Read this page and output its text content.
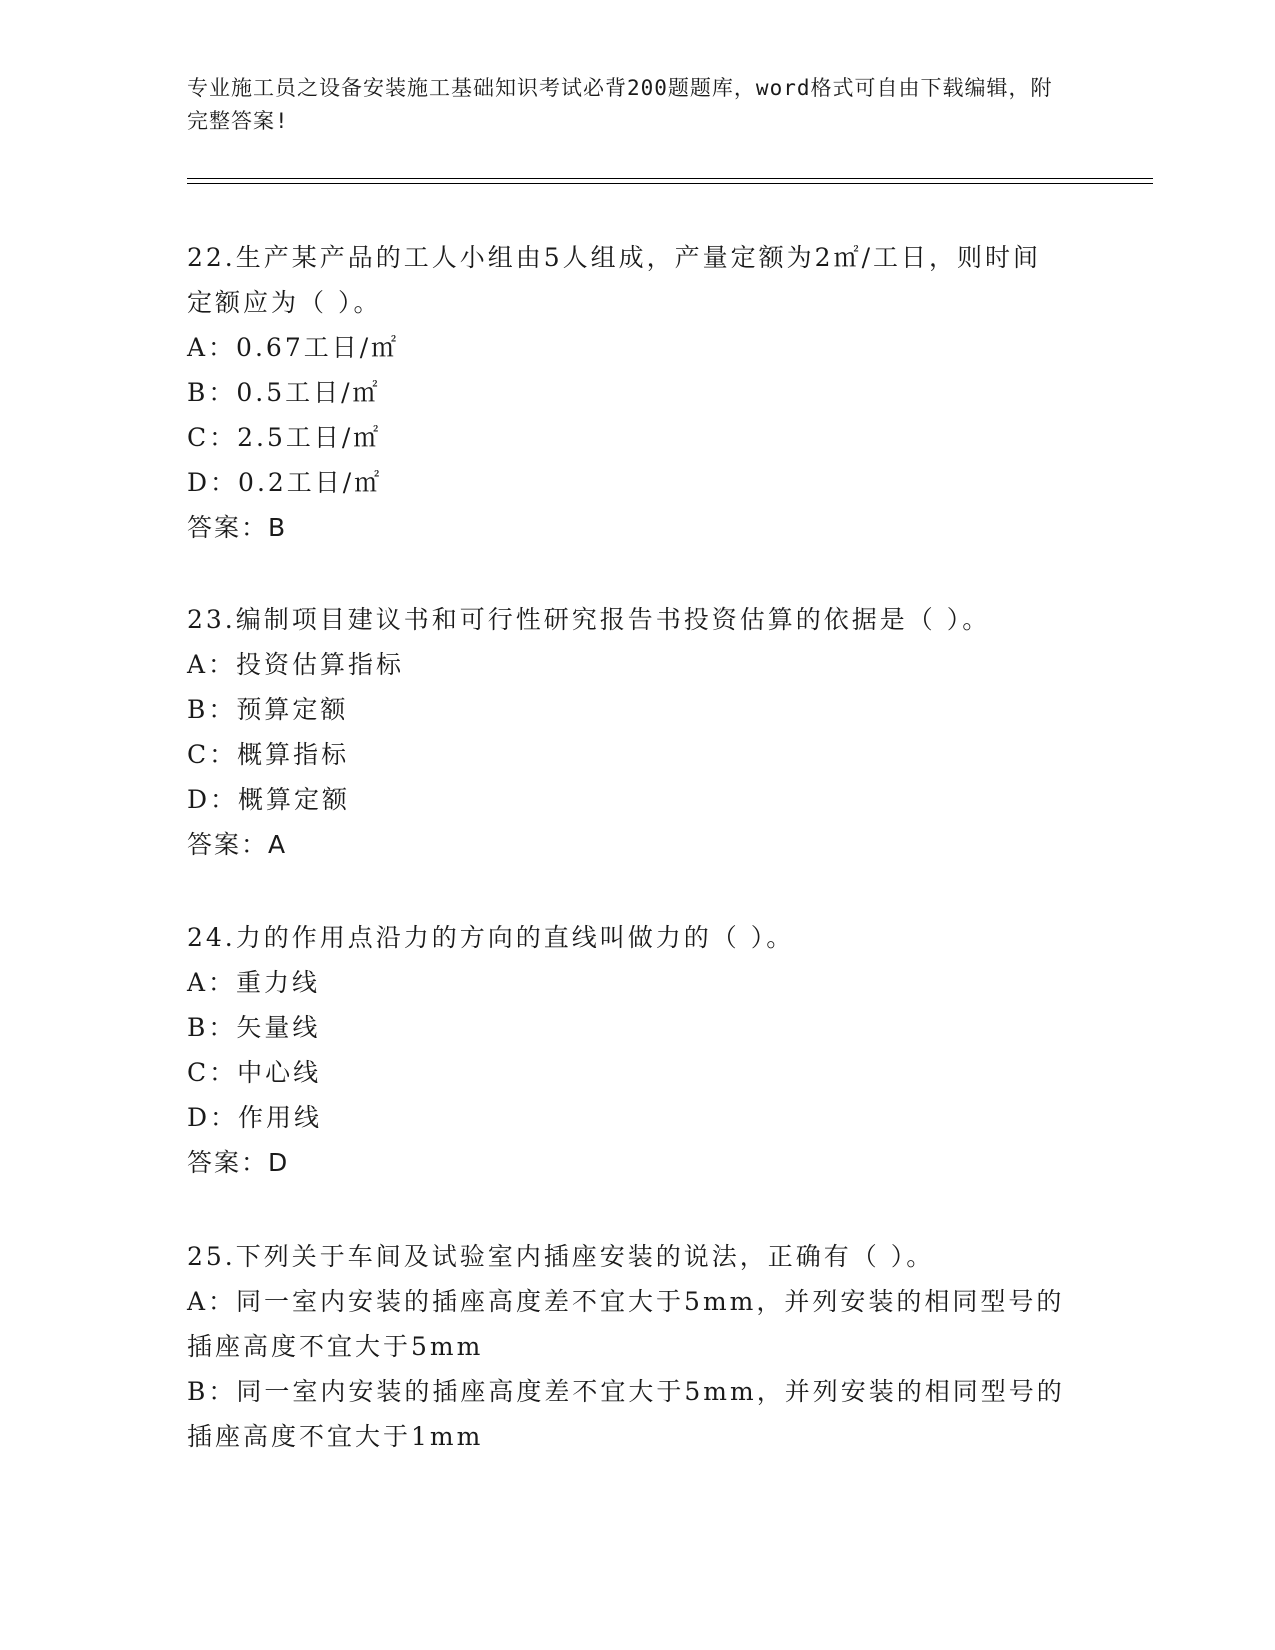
专业施工员之设备安装施工基础知识考试必背200题题库，word格式可自由下载编辑，附完整答案!
22.生产某产品的工人小组由5人组成，产量定额为2㎡/工日，则时间定额应为（ ）。
A：0.67工日/㎡
B：0.5工日/㎡
C：2.5工日/㎡
D：0.2工日/㎡
答案：B
23.编制项目建议书和可行性研究报告书投资估算的依据是（ ）。
A：投资估算指标
B：预算定额
C：概算指标
D：概算定额
答案：A
24.力的作用点沿力的方向的直线叫做力的（ ）。
A：重力线
B：矢量线
C：中心线
D：作用线
答案：D
25.下列关于车间及试验室内插座安装的说法，正确有（ ）。
A：同一室内安装的插座高度差不宜大于5mm，并列安装的相同型号的插座高度不宜大于5mm
B：同一室内安装的插座高度差不宜大于5mm，并列安装的相同型号的插座高度不宜大于1mm
